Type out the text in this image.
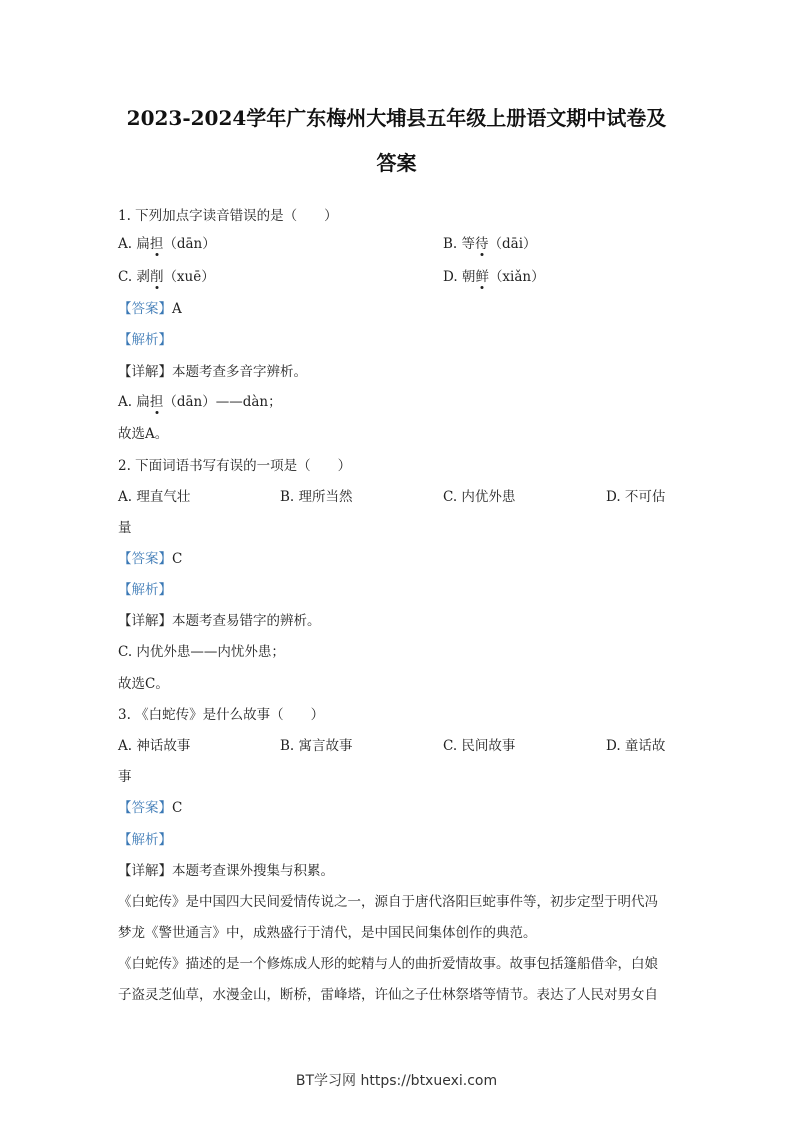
2023-2024学年广东梅州大埔县五年级上册语文期中试卷及
答案
1. 下列加点字读音错误的是（　　）
A. 扁担（dān）	B. 等待（dāi）
C. 剥削（xuē）	D. 朝鲜（xiǎn）
【答案】A
【解析】
【详解】本题考查多音字辨析。
A. 扁担（dān）——dàn；
故选A。
2. 下面词语书写有误的一项是（　　）
A. 理直气壮	B. 理所当然	C. 内优外患	D. 不可估
量
【答案】C
【解析】
【详解】本题考查易错字的辨析。
C. 内优外患——内忧外患；
故选C。
3. 《白蛇传》是什么故事（　　）
A. 神话故事	B. 寓言故事	C. 民间故事	D. 童话故
事
【答案】C
【解析】
【详解】本题考查课外搜集与积累。
《白蛇传》是中国四大民间爱情传说之一，源自于唐代洛阳巨蛇事件等，初步定型于明代冯
梦龙《警世通言》中，成熟盛行于清代，是中国民间集体创作的典范。
《白蛇传》描述的是一个修炼成人形的蛇精与人的曲折爱情故事。故事包括篷船借伞，白娘
子盗灵芝仙草，水漫金山，断桥，雷峰塔，许仙之子仕林祭塔等情节。表达了人民对男女自
BT学习网 https://btxuexi.com
